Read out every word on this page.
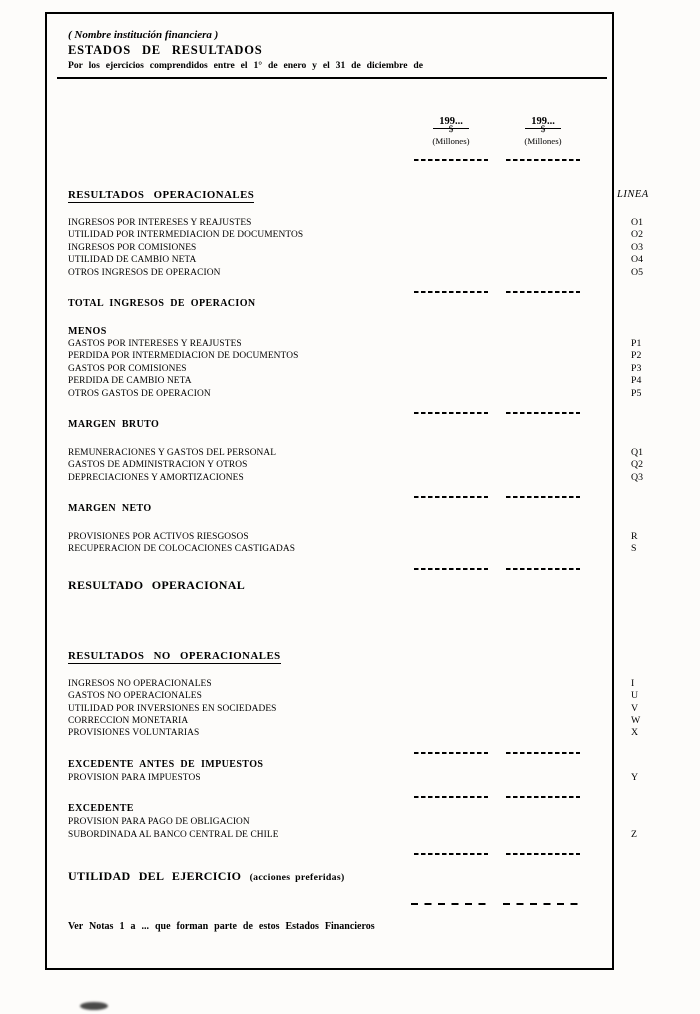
( Nombre institución financiera )
ESTADOS DE RESULTADOS
Por los ejercicios comprendidos entre el 1° de enero y el 31 de diciembre de
199...	199...
$	$
(Millones)	(Millones)
RESULTADOS OPERACIONALES	LINEA
INGRESOS POR INTERESES Y REAJUSTES	O1
UTILIDAD POR INTERMEDIACION DE DOCUMENTOS	O2
INGRESOS POR COMISIONES	O3
UTILIDAD DE CAMBIO NETA	O4
OTROS INGRESOS DE OPERACION	O5
TOTAL INGRESOS DE OPERACION
MENOS
GASTOS POR INTERESES Y REAJUSTES	P1
PERDIDA POR INTERMEDIACION DE DOCUMENTOS	P2
GASTOS POR COMISIONES	P3
PERDIDA DE CAMBIO NETA	P4
OTROS GASTOS DE OPERACION	P5
MARGEN BRUTO
REMUNERACIONES Y GASTOS DEL PERSONAL	Q1
GASTOS DE ADMINISTRACION Y OTROS	Q2
DEPRECIACIONES Y AMORTIZACIONES	Q3
MARGEN NETO
PROVISIONES POR ACTIVOS RIESGOSOS	R
RECUPERACION DE COLOCACIONES CASTIGADAS	S
RESULTADO OPERACIONAL
RESULTADOS NO OPERACIONALES
INGRESOS NO OPERACIONALES	I
GASTOS NO OPERACIONALES	U
UTILIDAD POR INVERSIONES EN SOCIEDADES	V
CORRECCION MONETARIA	W
PROVISIONES VOLUNTARIAS	X
EXCEDENTE ANTES DE IMPUESTOS
PROVISION PARA IMPUESTOS	Y
EXCEDENTE
PROVISION PARA PAGO DE OBLIGACION
SUBORDINADA AL BANCO CENTRAL DE CHILE	Z
UTILIDAD DEL EJERCICIO (acciones preferidas)
Ver Notas 1 a ... que forman parte de estos Estados Financieros
